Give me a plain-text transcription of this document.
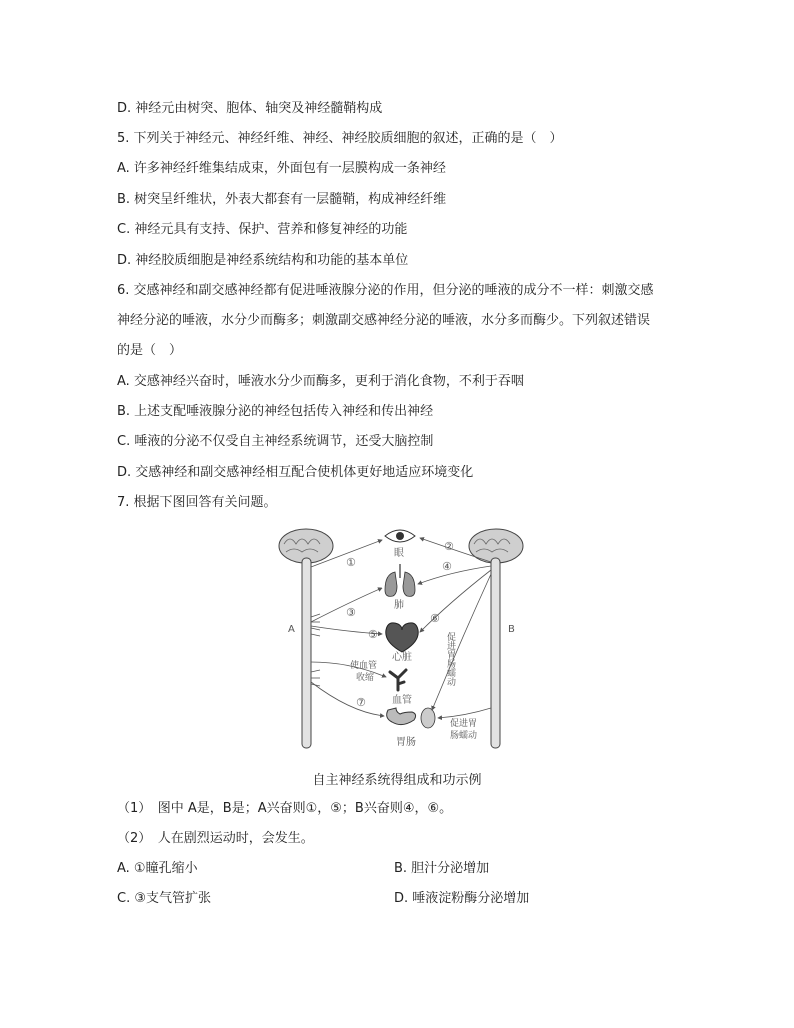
D. 神经元由树突、胞体、轴突及神经髓鞘构成
5. 下列关于神经元、神经纤维、神经、神经胶质细胞的叙述，正确的是（　）
A. 许多神经纤维集结成束，外面包有一层膜构成一条神经
B. 树突呈纤维状，外表大都套有一层髓鞘，构成神经纤维
C. 神经元具有支持、保护、营养和修复神经的功能
D. 神经胶质细胞是神经系统结构和功能的基本单位
6. 交感神经和副交感神经都有促进唾液腺分泌的作用，但分泌的唾液的成分不一样：刺激交感
神经分泌的唾液，水分少而酶多；刺激副交感神经分泌的唾液，水分多而酶少。下列叙述错误
的是（　）
A. 交感神经兴奋时，唾液水分少而酶多，更利于消化食物，不利于吞咽
B. 上述支配唾液腺分泌的神经包括传入神经和传出神经
C. 唾液的分泌不仅受自主神经系统调节，还受大脑控制
D. 交感神经和副交感神经相互配合使机体更好地适应环境变化
7. 根据下图回答有关问题。
A	B
眼
肺
心脏
血管
胃肠
①
②
③
④
⑤
⑥
⑦
使血管
收缩	促进胃肠蠕动
促进胃
肠蠕动
自主神经系统得组成和功示例
（1）　图中 A是，B是；A兴奋则①，⑤；B兴奋则④，⑥。
（2）　人在剧烈运动时，会发生。
A. ①瞳孔缩小	B. 胆汁分泌增加
C. ③支气管扩张	D. 唾液淀粉酶分泌增加
